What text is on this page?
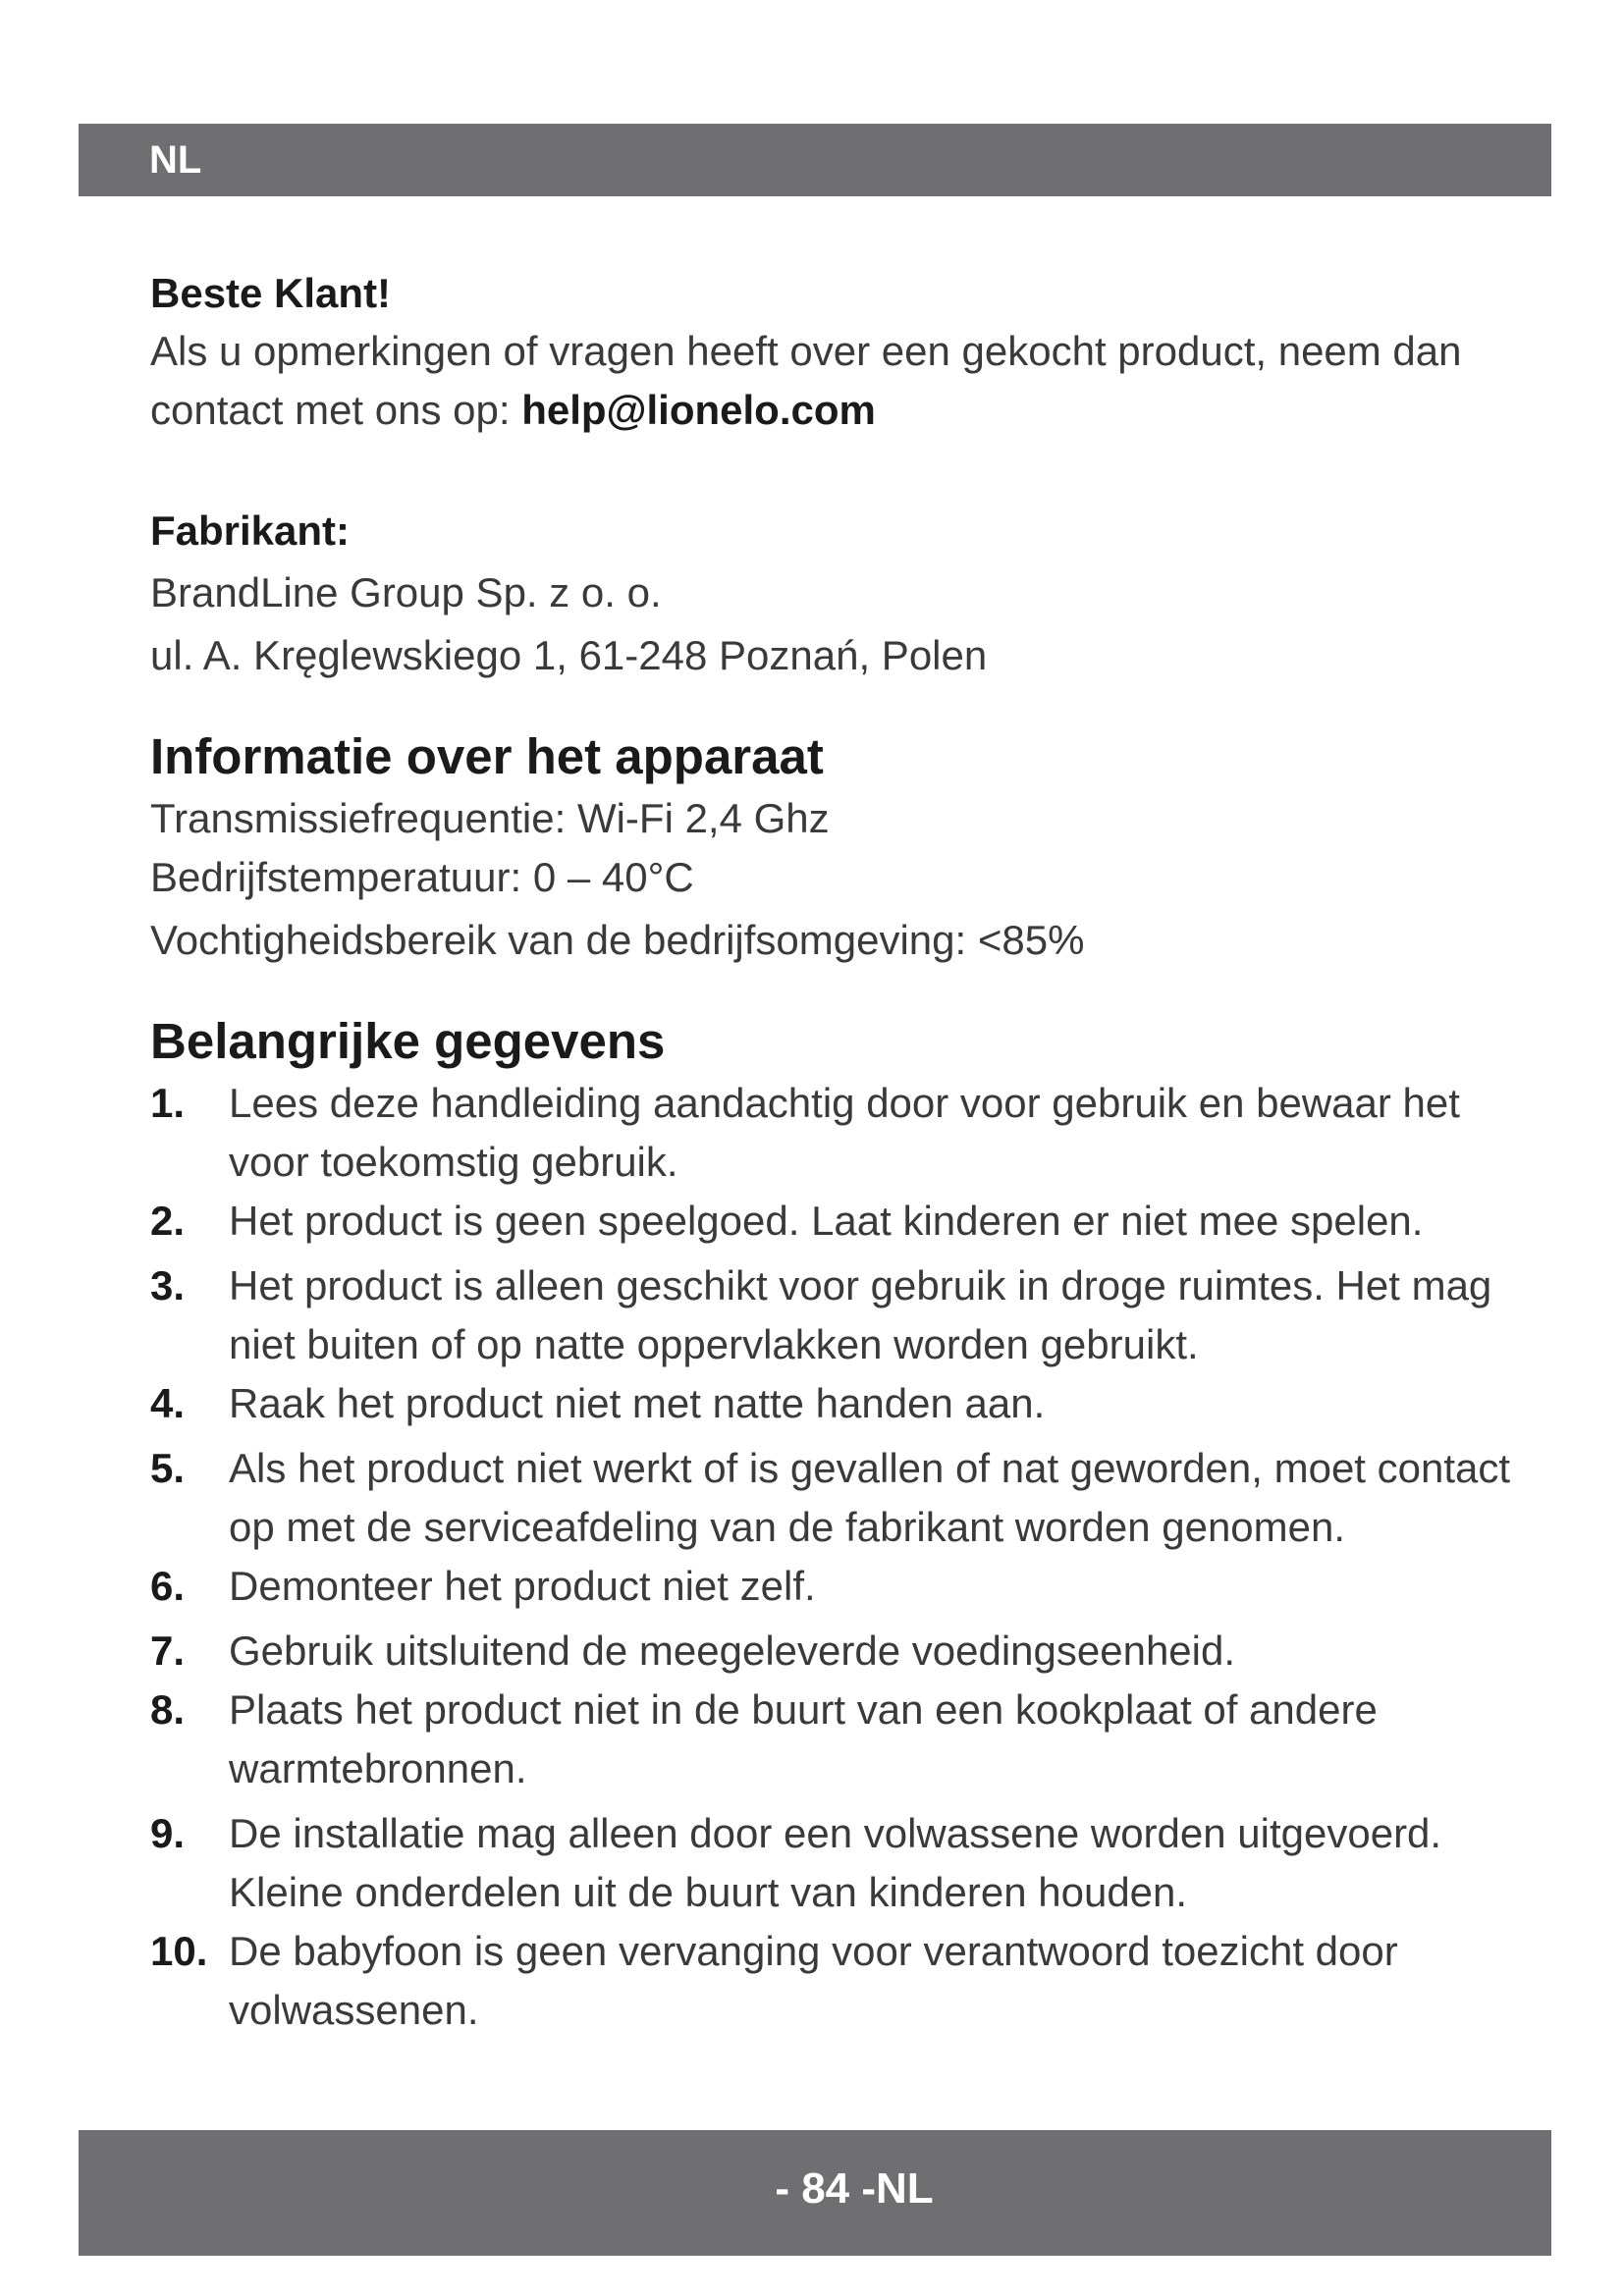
NL
Beste Klant!
Als u opmerkingen of vragen heeft over een gekocht product, neem dan contact met ons op: help@lionelo.com
Fabrikant:
BrandLine Group Sp. z o. o.
ul. A. Kręglewskiego 1, 61-248 Poznań, Polen
Informatie over het apparaat
Transmissiefrequentie: Wi-Fi 2,4 Ghz
Bedrijfstemperatuur: 0 – 40°C
Vochtigheidsbereik van de bedrijfsomgeving: <85%
Belangrijke gegevens
1. Lees deze handleiding aandachtig door voor gebruik en bewaar het voor toekomstig gebruik.
2. Het product is geen speelgoed. Laat kinderen er niet mee spelen.
3. Het product is alleen geschikt voor gebruik in droge ruimtes. Het mag niet buiten of op natte oppervlakken worden gebruikt.
4. Raak het product niet met natte handen aan.
5. Als het product niet werkt of is gevallen of nat geworden, moet contact op met de serviceafdeling van de fabrikant worden genomen.
6. Demonteer het product niet zelf.
7. Gebruik uitsluitend de meegeleverde voedingseenheid.
8. Plaats het product niet in de buurt van een kookplaat of andere warmtebronnen.
9. De installatie mag alleen door een volwassene worden uitgevoerd. Kleine onderdelen uit de buurt van kinderen houden.
10. De babyfoon is geen vervanging voor verantwoord toezicht door volwassenen.
- 84 -NL
